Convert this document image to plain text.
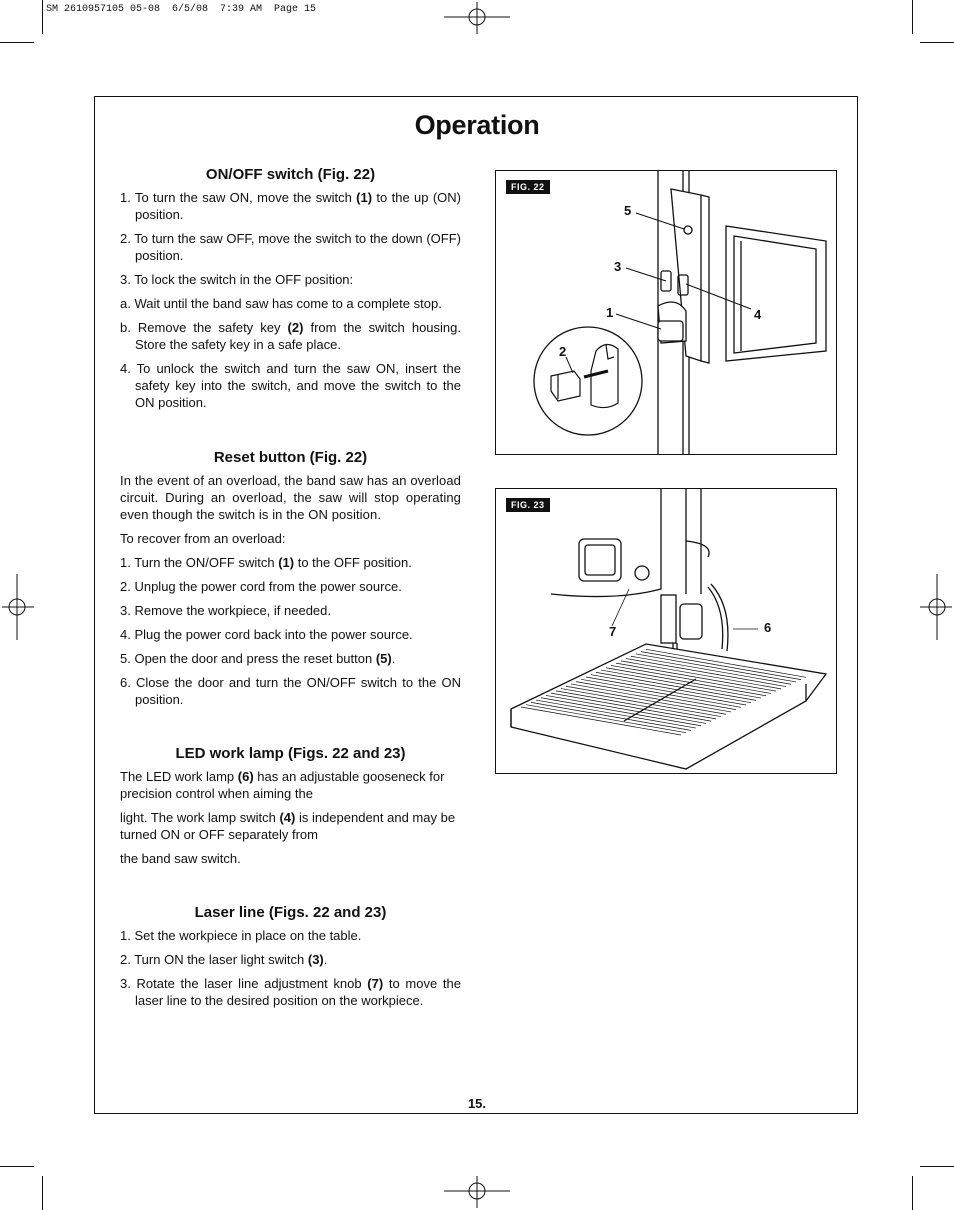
SM 2610957105 05-08  6/5/08  7:39 AM  Page 15
Operation
ON/OFF switch (Fig. 22)
1. To turn the saw ON, move the switch (1) to the up (ON) position.
2. To turn the saw OFF, move the switch to the down (OFF) position.
3. To lock the switch in the OFF position:
a. Wait until the band saw has come to a complete stop.
b. Remove the safety key (2) from the switch housing. Store the safety key in a safe place.
4. To unlock the switch and turn the saw ON, insert the safety key into the switch, and move the switch to the ON position.
Reset button (Fig. 22)
In the event of an overload, the band saw has an overload circuit. During an overload, the saw will stop operating even though the switch is in the ON position.
To recover from an overload:
1. Turn the ON/OFF switch (1) to the OFF position.
2. Unplug the power cord from the power source.
3. Remove the workpiece, if needed.
4. Plug the power cord back into the power source.
5. Open the door and press the reset button (5).
6. Close the door and turn the ON/OFF switch to the ON position.
LED work lamp (Figs. 22 and 23)
The LED work lamp (6) has an adjustable gooseneck for precision control when aiming the
light. The work lamp switch (4) is independent and may be turned ON or OFF separately from
the band saw switch.
Laser line (Figs. 22 and 23)
1. Set the workpiece in place on the table.
2. Turn ON the laser light switch (3).
3. Rotate the laser line adjustment knob (7) to move the laser line to the desired position on the workpiece.
FIG. 22
5
3
1	4
2
FIG. 23
7	6
15.
